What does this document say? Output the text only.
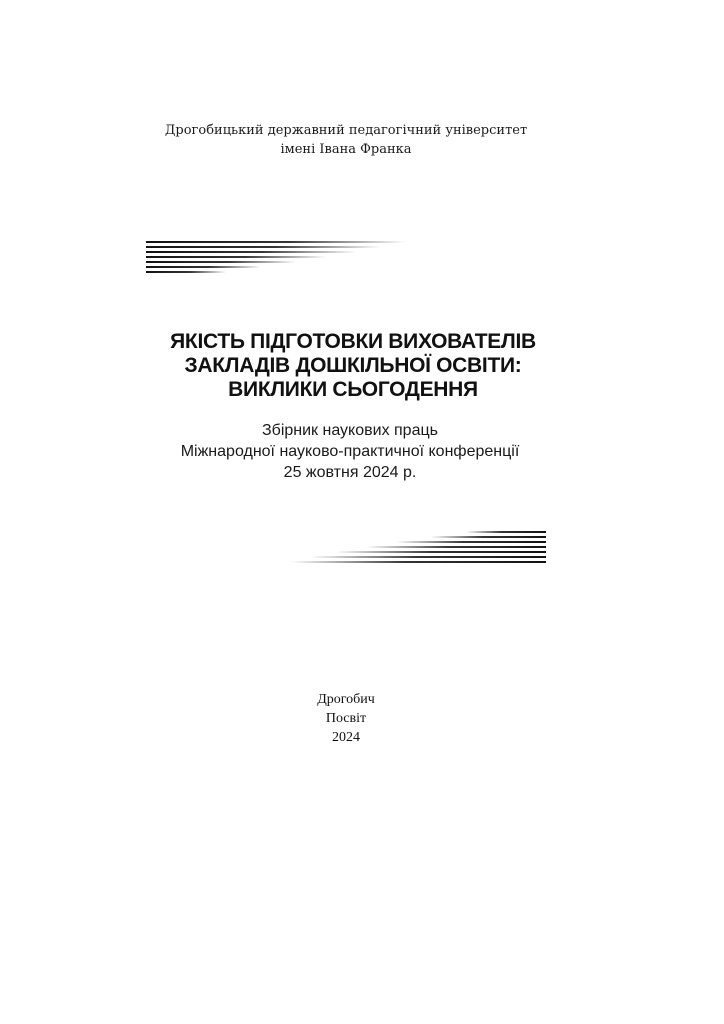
Дрогобицький державний педагогічний університет
імені Івана Франка
ЯКІСТЬ ПІДГОТОВКИ ВИХОВАТЕЛІВ
ЗАКЛАДІВ ДОШКІЛЬНОЇ ОСВІТИ:
ВИКЛИКИ СЬОГОДЕННЯ
Збірник наукових праць
Міжнародної науково-практичної конференції
25 жовтня 2024 р.
Дрогобич
Посвіт
2024
